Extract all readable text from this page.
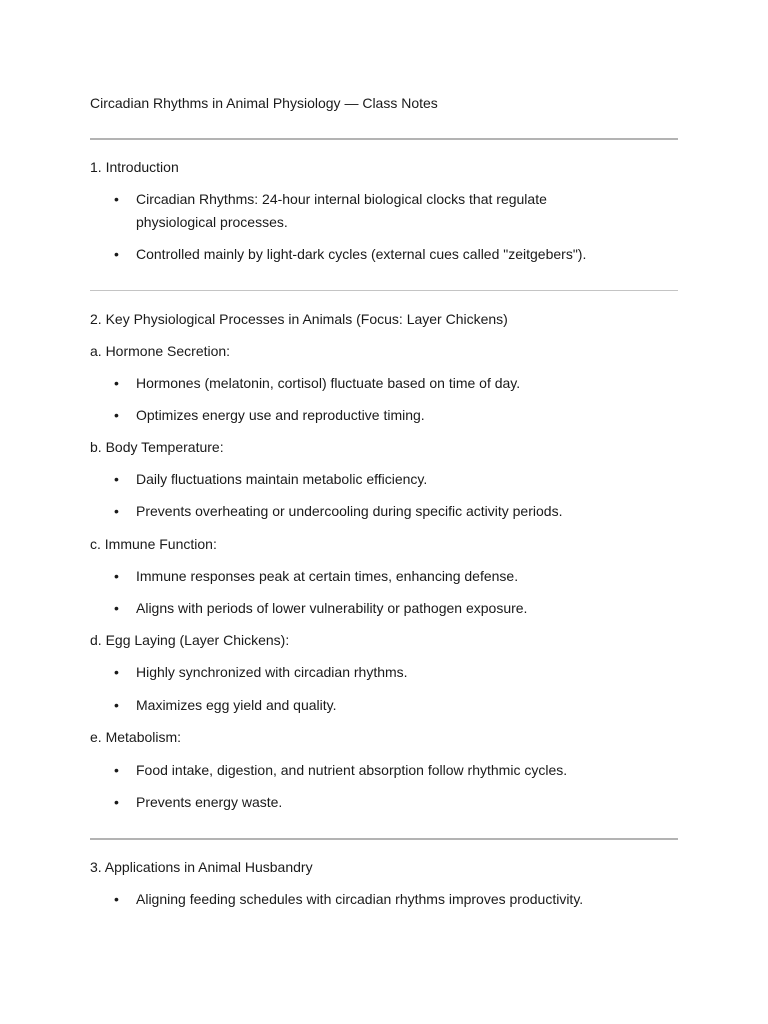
Circadian Rhythms in Animal Physiology — Class Notes
1. Introduction
• Circadian Rhythms: 24-hour internal biological clocks that regulate
physiological processes.
• Controlled mainly by light-dark cycles (external cues called "zeitgebers").
2. Key Physiological Processes in Animals (Focus: Layer Chickens)
a. Hormone Secretion:
• Hormones (melatonin, cortisol) fluctuate based on time of day.
• Optimizes energy use and reproductive timing.
b. Body Temperature:
• Daily fluctuations maintain metabolic efficiency.
• Prevents overheating or undercooling during specific activity periods.
c. Immune Function:
• Immune responses peak at certain times, enhancing defense.
• Aligns with periods of lower vulnerability or pathogen exposure.
d. Egg Laying (Layer Chickens):
• Highly synchronized with circadian rhythms.
• Maximizes egg yield and quality.
e. Metabolism:
• Food intake, digestion, and nutrient absorption follow rhythmic cycles.
• Prevents energy waste.
3. Applications in Animal Husbandry
• Aligning feeding schedules with circadian rhythms improves productivity.
